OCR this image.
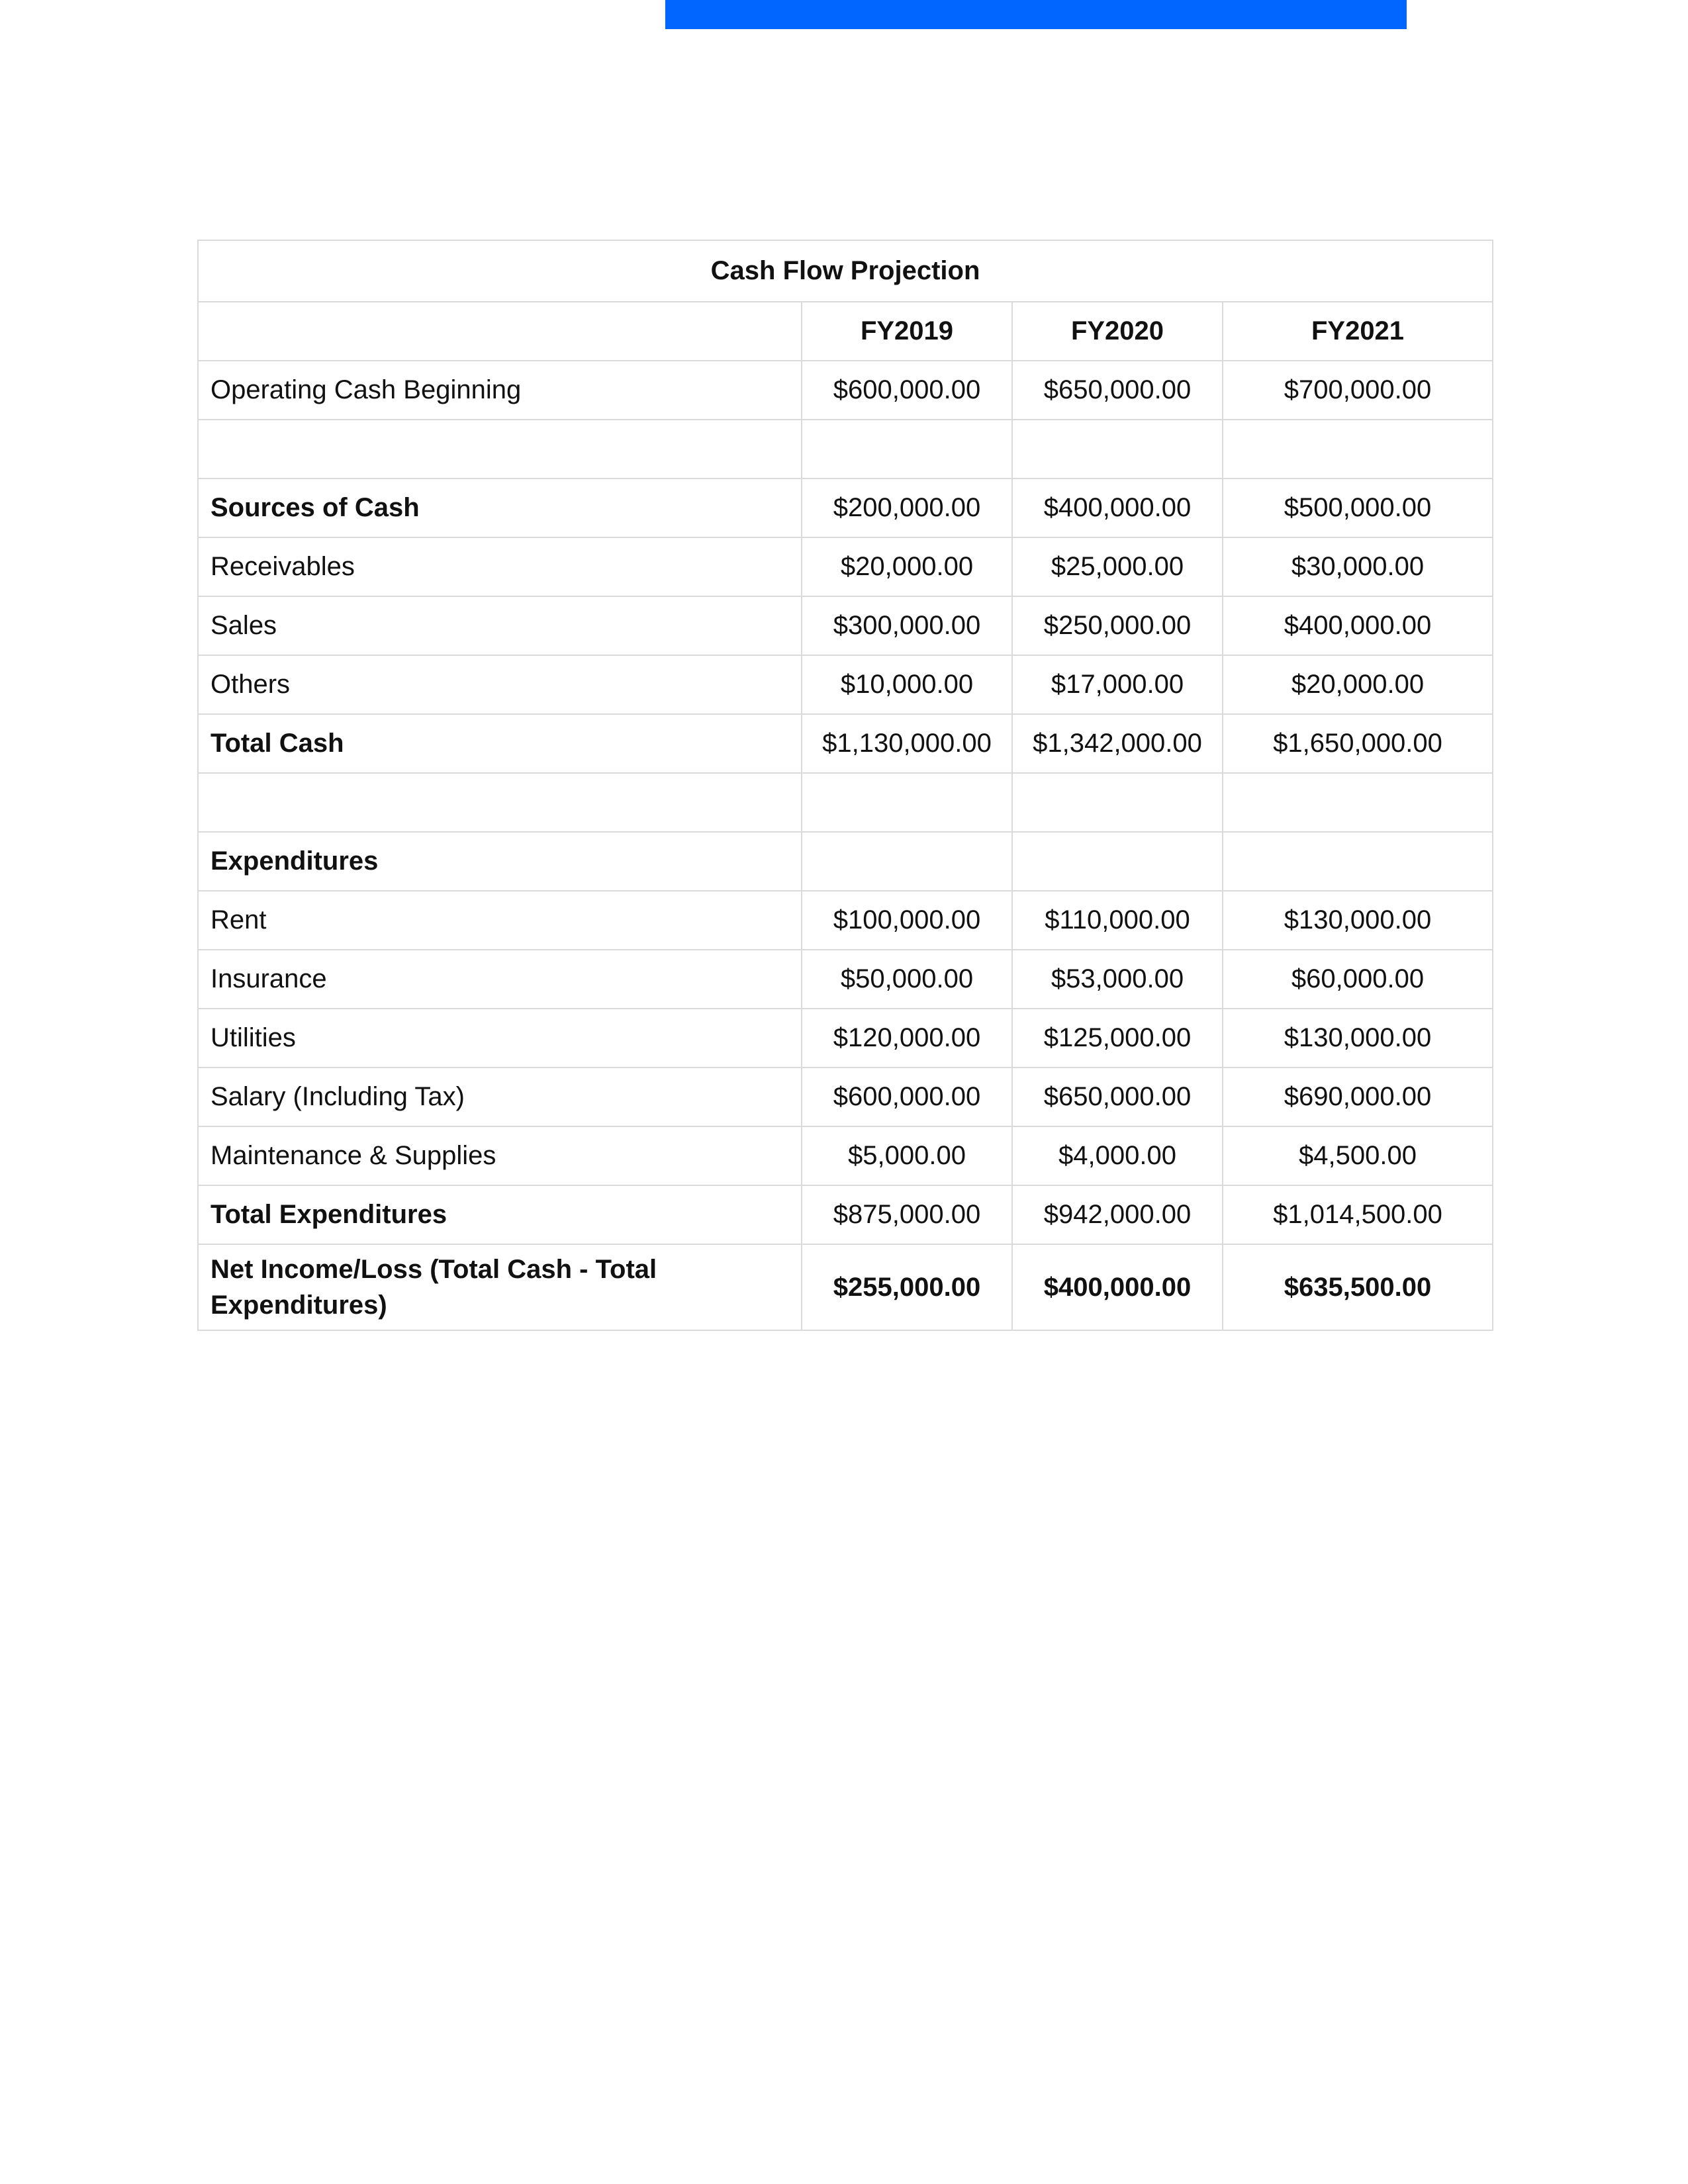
Cash Flow Projection			
	FY2019	FY2020	FY2021
Operating Cash Beginning	$600,000.00	$650,000.00	$700,000.00

Sources of Cash	$200,000.00	$400,000.00	$500,000.00
Receivables	$20,000.00	$25,000.00	$30,000.00
Sales	$300,000.00	$250,000.00	$400,000.00
Others	$10,000.00	$17,000.00	$20,000.00
Total Cash	$1,130,000.00	$1,342,000.00	$1,650,000.00

Expenditures			
Rent	$100,000.00	$110,000.00	$130,000.00
Insurance	$50,000.00	$53,000.00	$60,000.00
Utilities	$120,000.00	$125,000.00	$130,000.00
Salary (Including Tax)	$600,000.00	$650,000.00	$690,000.00
Maintenance & Supplies	$5,000.00	$4,000.00	$4,500.00
Total Expenditures	$875,000.00	$942,000.00	$1,014,500.00
Net Income/Loss (Total Cash - Total Expenditures)	$255,000.00	$400,000.00	$635,500.00
